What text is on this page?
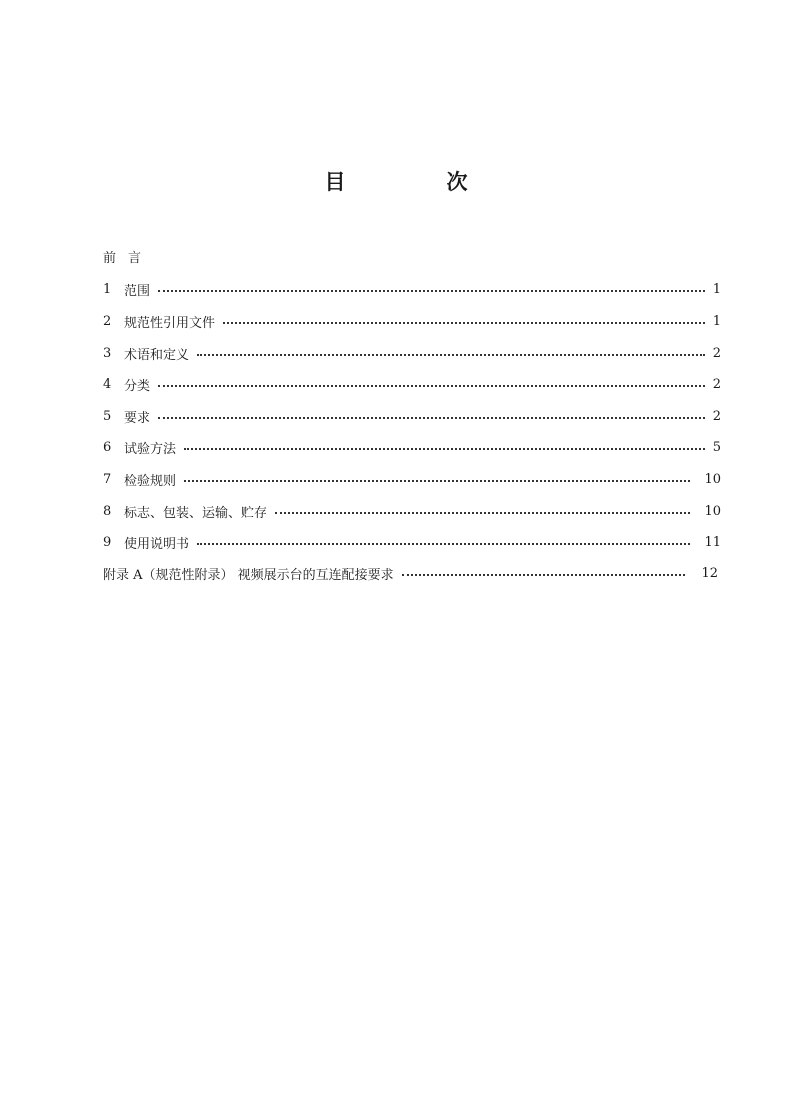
目　次
前言
1 范围	1
2 规范性引用文件	1
3 术语和定义	2
4 分类	2
5 要求	2
6 试验方法	5
7 检验规则	10
8 标志、包装、运输、贮存	10
9 使用说明书	11
附录 A（规范性附录） 视频展示台的互连配接要求	12
